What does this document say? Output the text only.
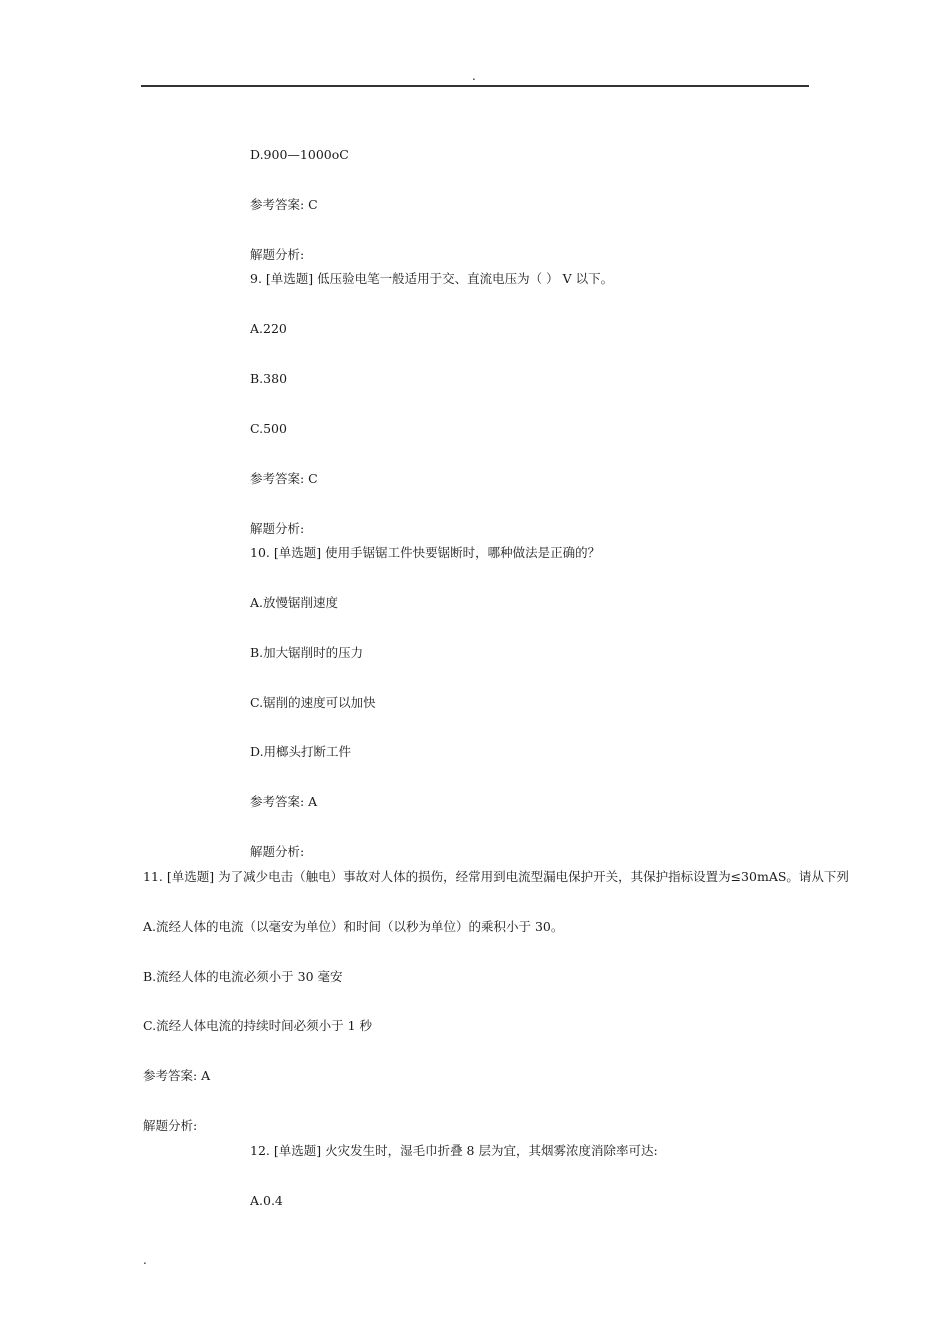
.
D.900—1000oC
参考答案: C
解题分析:
9. [单选题] 低压验电笔一般适用于交、直流电压为（ ） V 以下。
A.220
B.380
C.500
参考答案: C
解题分析:
10. [单选题] 使用手锯锯工件快要锯断时，哪种做法是正确的？
A.放慢锯削速度
B.加大锯削时的压力
C.锯削的速度可以加快
D.用榔头打断工件
参考答案: A
解题分析:
11. [单选题] 为了减少电击（触电）事故对人体的损伤，经常用到电流型漏电保护开关，其保护指标设置为≤30mAS。请从下列
A.流经人体的电流（以毫安为单位）和时间（以秒为单位）的乘积小于 30。
B.流经人体的电流必须小于 30 毫安
C.流经人体电流的持续时间必须小于 1 秒
参考答案: A
解题分析:
12. [单选题] 火灾发生时，湿毛巾折叠 8 层为宜，其烟雾浓度消除率可达:
A.0.4
.
